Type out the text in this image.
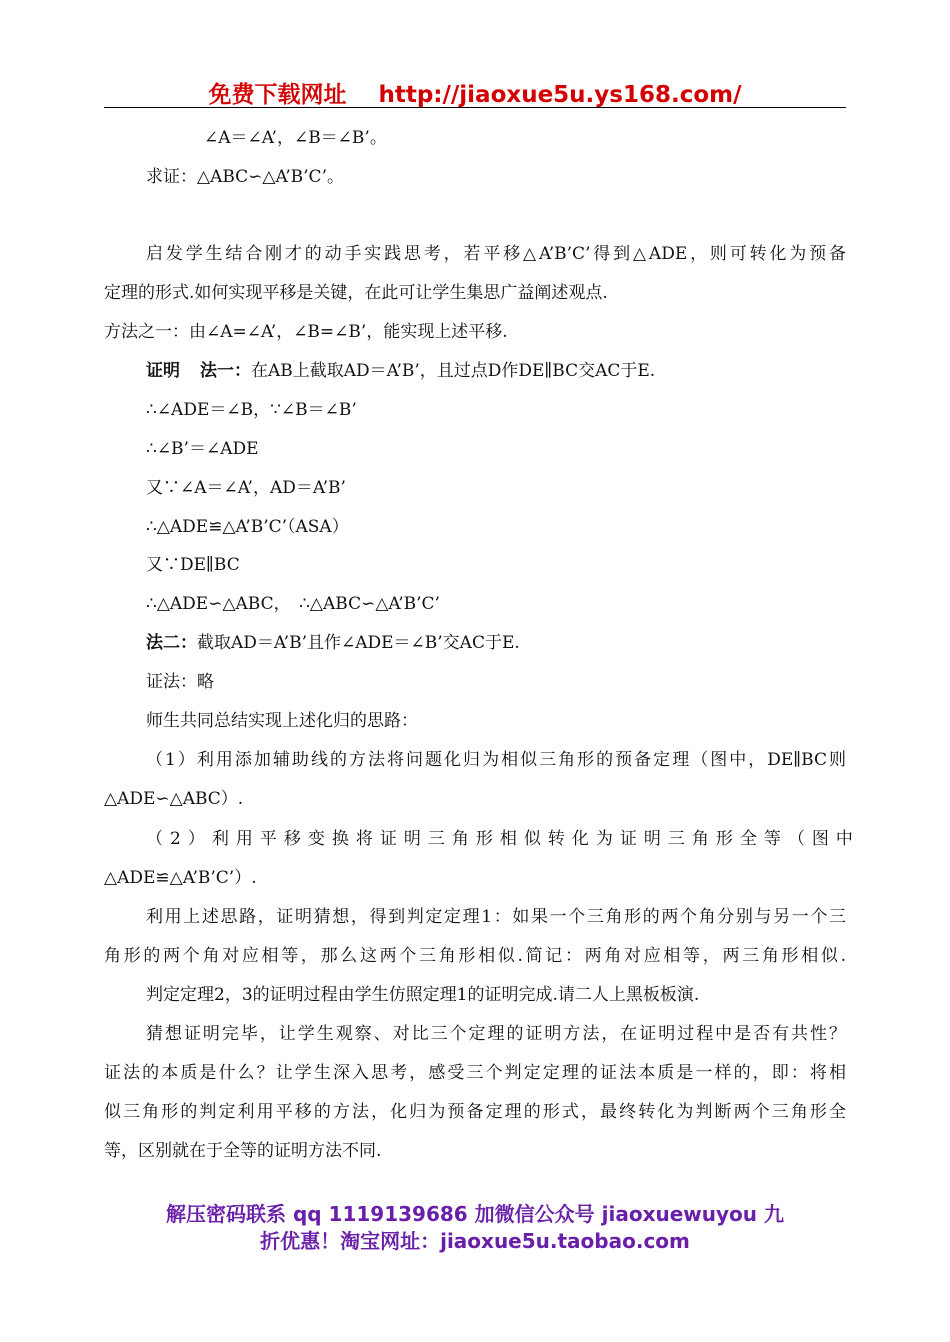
免费下载网址 http://jiaoxue5u.ys168.com/
∠A＝∠A’，∠B＝∠B’。
求证：△ABC∽△A’B’C’。
启发学生结合刚才的动手实践思考，若平移△A’B’C’得到△ADE，则可转化为预备
定理的形式.如何实现平移是关键，在此可让学生集思广益阐述观点.
方法之一：由∠A=∠A’，∠B=∠B’，能实现上述平移.
证明 法一：在AB上截取AD＝A’B’，且过点D作DE∥BC交AC于E.
∴∠ADE＝∠B，∵∠B＝∠B’
∴∠B’＝∠ADE
又∵∠A＝∠A’，AD＝A’B’
∴△ADE≌△A’B’C’（ASA）
又∵DE∥BC
∴△ADE∽△ABC，　∴△ABC∽△A’B’C’
法二：截取AD＝A’B’且作∠ADE＝∠B’交AC于E.
证法：略
师生共同总结实现上述化归的思路：
（1）利用添加辅助线的方法将问题化归为相似三角形的预备定理（图中，DE∥BC则
△ADE∽△ABC）.
（2）利用平移变换将证明三角形相似转化为证明三角形全等（图中
△ADE≌△A’B’C’）.
利用上述思路，证明猜想，得到判定定理1：如果一个三角形的两个角分别与另一个三
角形的两个角对应相等，那么这两个三角形相似.简记：两角对应相等，两三角形相似.
判定定理2，3的证明过程由学生仿照定理1的证明完成.请二人上黑板板演.
猜想证明完毕，让学生观察、对比三个定理的证明方法，在证明过程中是否有共性？
证法的本质是什么？让学生深入思考，感受三个判定定理的证法本质是一样的，即：将相
似三角形的判定利用平移的方法，化归为预备定理的形式，最终转化为判断两个三角形全
等，区别就在于全等的证明方法不同.
解压密码联系 qq 1119139686 加微信公众号 jiaoxuewuyou 九
折优惠！淘宝网址：jiaoxue5u.taobao.com
